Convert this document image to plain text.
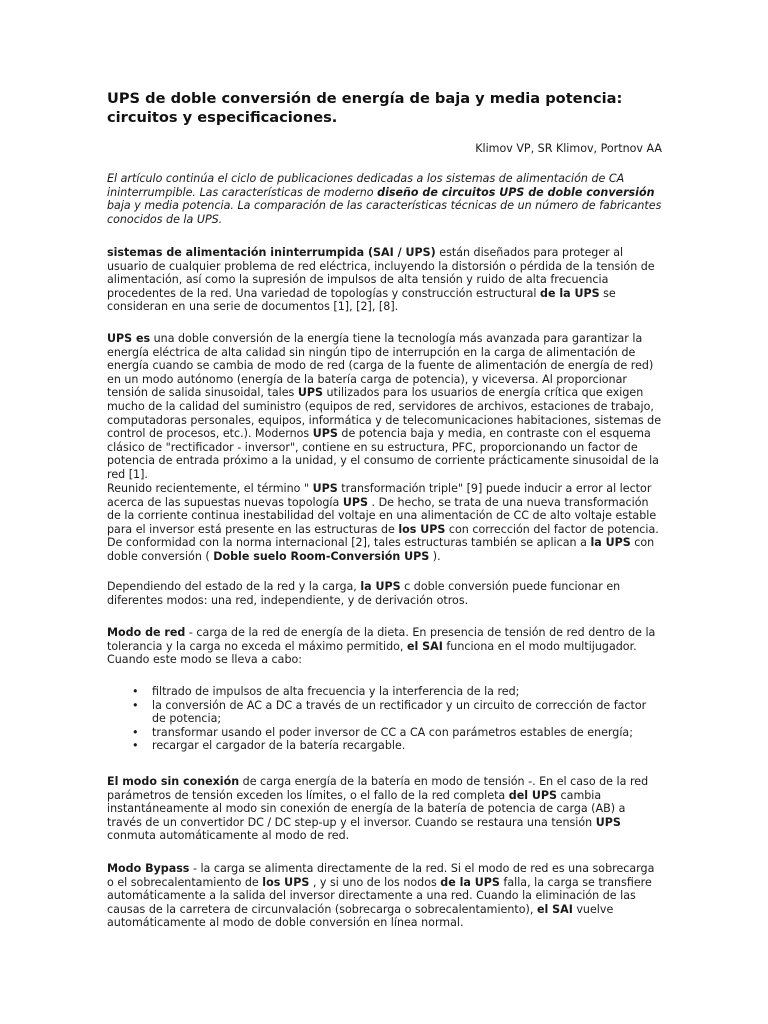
UPS de doble conversión de energía de baja y media potencia: circuitos y especificaciones.
Klimov VP, SR Klimov, Portnov AA

El artículo continúa el ciclo de publicaciones dedicadas a los sistemas de alimentación de CA ininterrumpible. Las características de moderno diseño de circuitos UPS de doble conversión baja y media potencia. La comparación de las características técnicas de un número de fabricantes conocidos de la UPS.

sistemas de alimentación ininterrumpida (SAI / UPS) están diseñados para proteger al usuario de cualquier problema de red eléctrica, incluyendo la distorsión o pérdida de la tensión de alimentación, así como la supresión de impulsos de alta tensión y ruido de alta frecuencia procedentes de la red. Una variedad de topologías y construcción estructural de la UPS se consideran en una serie de documentos [1], [2], [8].

UPS es una doble conversión de la energía tiene la tecnología más avanzada para garantizar la energía eléctrica de alta calidad sin ningún tipo de interrupción en la carga de alimentación de energía cuando se cambia de modo de red (carga de la fuente de alimentación de energía de red) en un modo autónomo (energía de la batería carga de potencia), y viceversa. Al proporcionar tensión de salida sinusoidal, tales UPS utilizados para los usuarios de energía crítica que exigen mucho de la calidad del suministro (equipos de red, servidores de archivos, estaciones de trabajo, computadoras personales, equipos, informática y de telecomunicaciones habitaciones, sistemas de control de procesos, etc.). Modernos UPS de potencia baja y media, en contraste con el esquema clásico de "rectificador - inversor", contiene en su estructura, PFC, proporcionando un factor de potencia de entrada próximo a la unidad, y el consumo de corriente prácticamente sinusoidal de la red [1].

Reunido recientemente, el término " UPS transformación triple" [9] puede inducir a error al lector acerca de las supuestas nuevas topología UPS . De hecho, se trata de una nueva transformación de la corriente continua inestabilidad del voltaje en una alimentación de CC de alto voltaje estable para el inversor está presente en las estructuras de los UPS con corrección del factor de potencia. De conformidad con la norma internacional [2], tales estructuras también se aplican a la UPS con doble conversión ( Doble suelo Room-Conversión UPS ).

Dependiendo del estado de la red y la carga, la UPS c doble conversión puede funcionar en diferentes modos: una red, independiente, y de derivación otros.

Modo de red - carga de la red de energía de la dieta. En presencia de tensión de red dentro de la tolerancia y la carga no exceda el máximo permitido, el SAI funciona en el modo multijugador. Cuando este modo se lleva a cabo:

• filtrado de impulsos de alta frecuencia y la interferencia de la red;
• la conversión de AC a DC a través de un rectificador y un circuito de corrección de factor de potencia;
• transformar usando el poder inversor de CC a CA con parámetros estables de energía;
• recargar el cargador de la batería recargable.

El modo sin conexión de carga energía de la batería en modo de tensión -. En el caso de la red parámetros de tensión exceden los límites, o el fallo de la red completa del UPS cambia instantáneamente al modo sin conexión de energía de la batería de potencia de carga (AB) a través de un convertidor DC / DC step-up y el inversor. Cuando se restaura una tensión UPS conmuta automáticamente al modo de red.

Modo Bypass - la carga se alimenta directamente de la red. Si el modo de red es una sobrecarga o el sobrecalentamiento de los UPS , y si uno de los nodos de la UPS falla, la carga se transfiere automáticamente a la salida del inversor directamente a una red. Cuando la eliminación de las causas de la carretera de circunvalación (sobrecarga o sobrecalentamiento), el SAI vuelve automáticamente al modo de doble conversión en línea normal.
